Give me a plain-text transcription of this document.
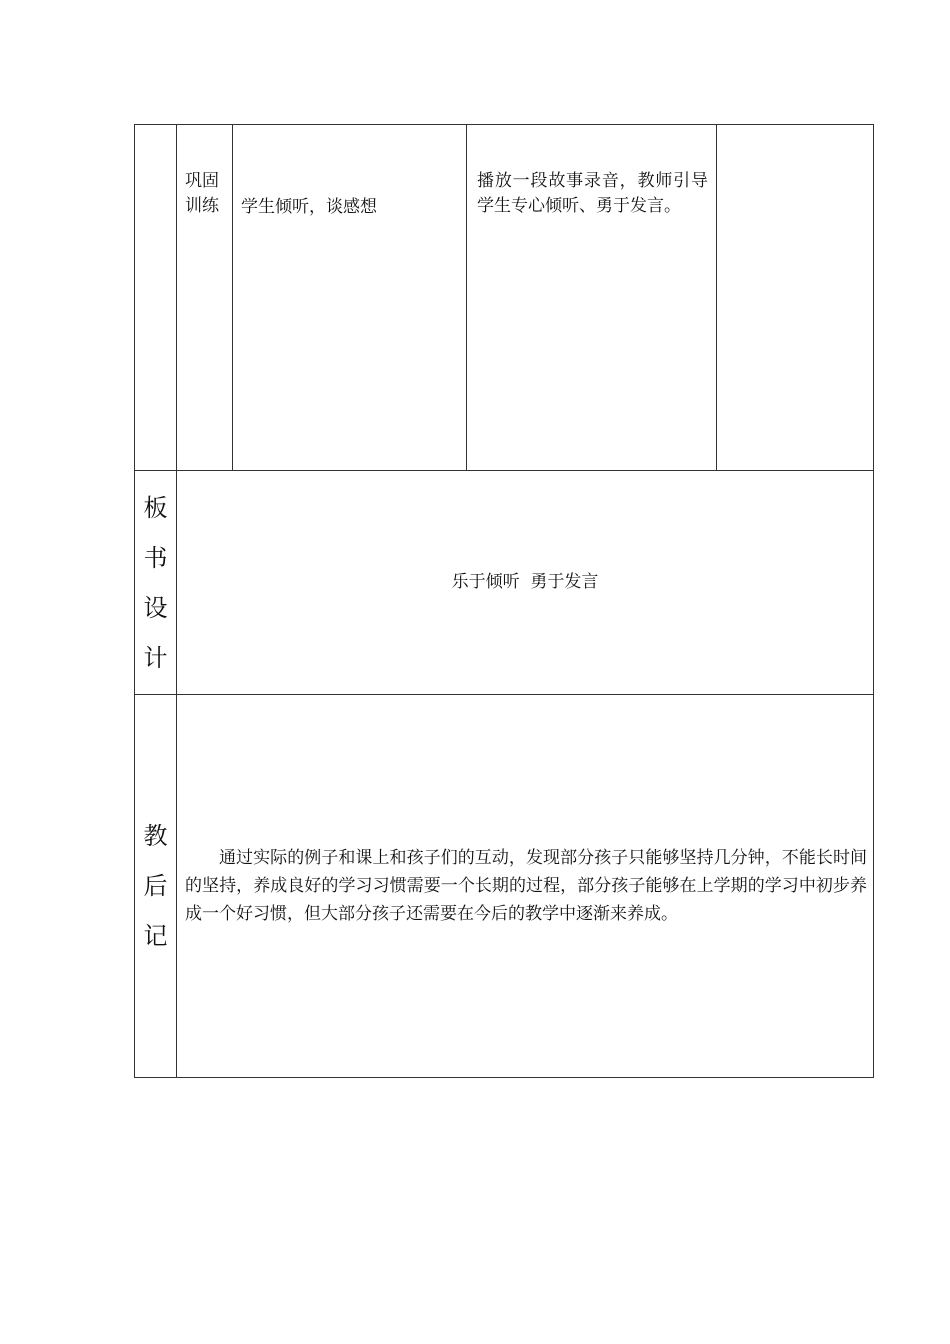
	巩固训练	学生倾听，谈感想	播放一段故事录音，教师引导学生专心倾听、勇于发言。	

板
书
设
计	乐于倾听  勇于发言			

教
后
记	通过实际的例子和课上和孩子们的互动，发现部分孩子只能够坚持几分钟，不能长时间的坚持，养成良好的学习习惯需要一个长期的过程，部分孩子能够在上学期的学习中初步养成一个好习惯，但大部分孩子还需要在今后的教学中逐渐来养成。			
